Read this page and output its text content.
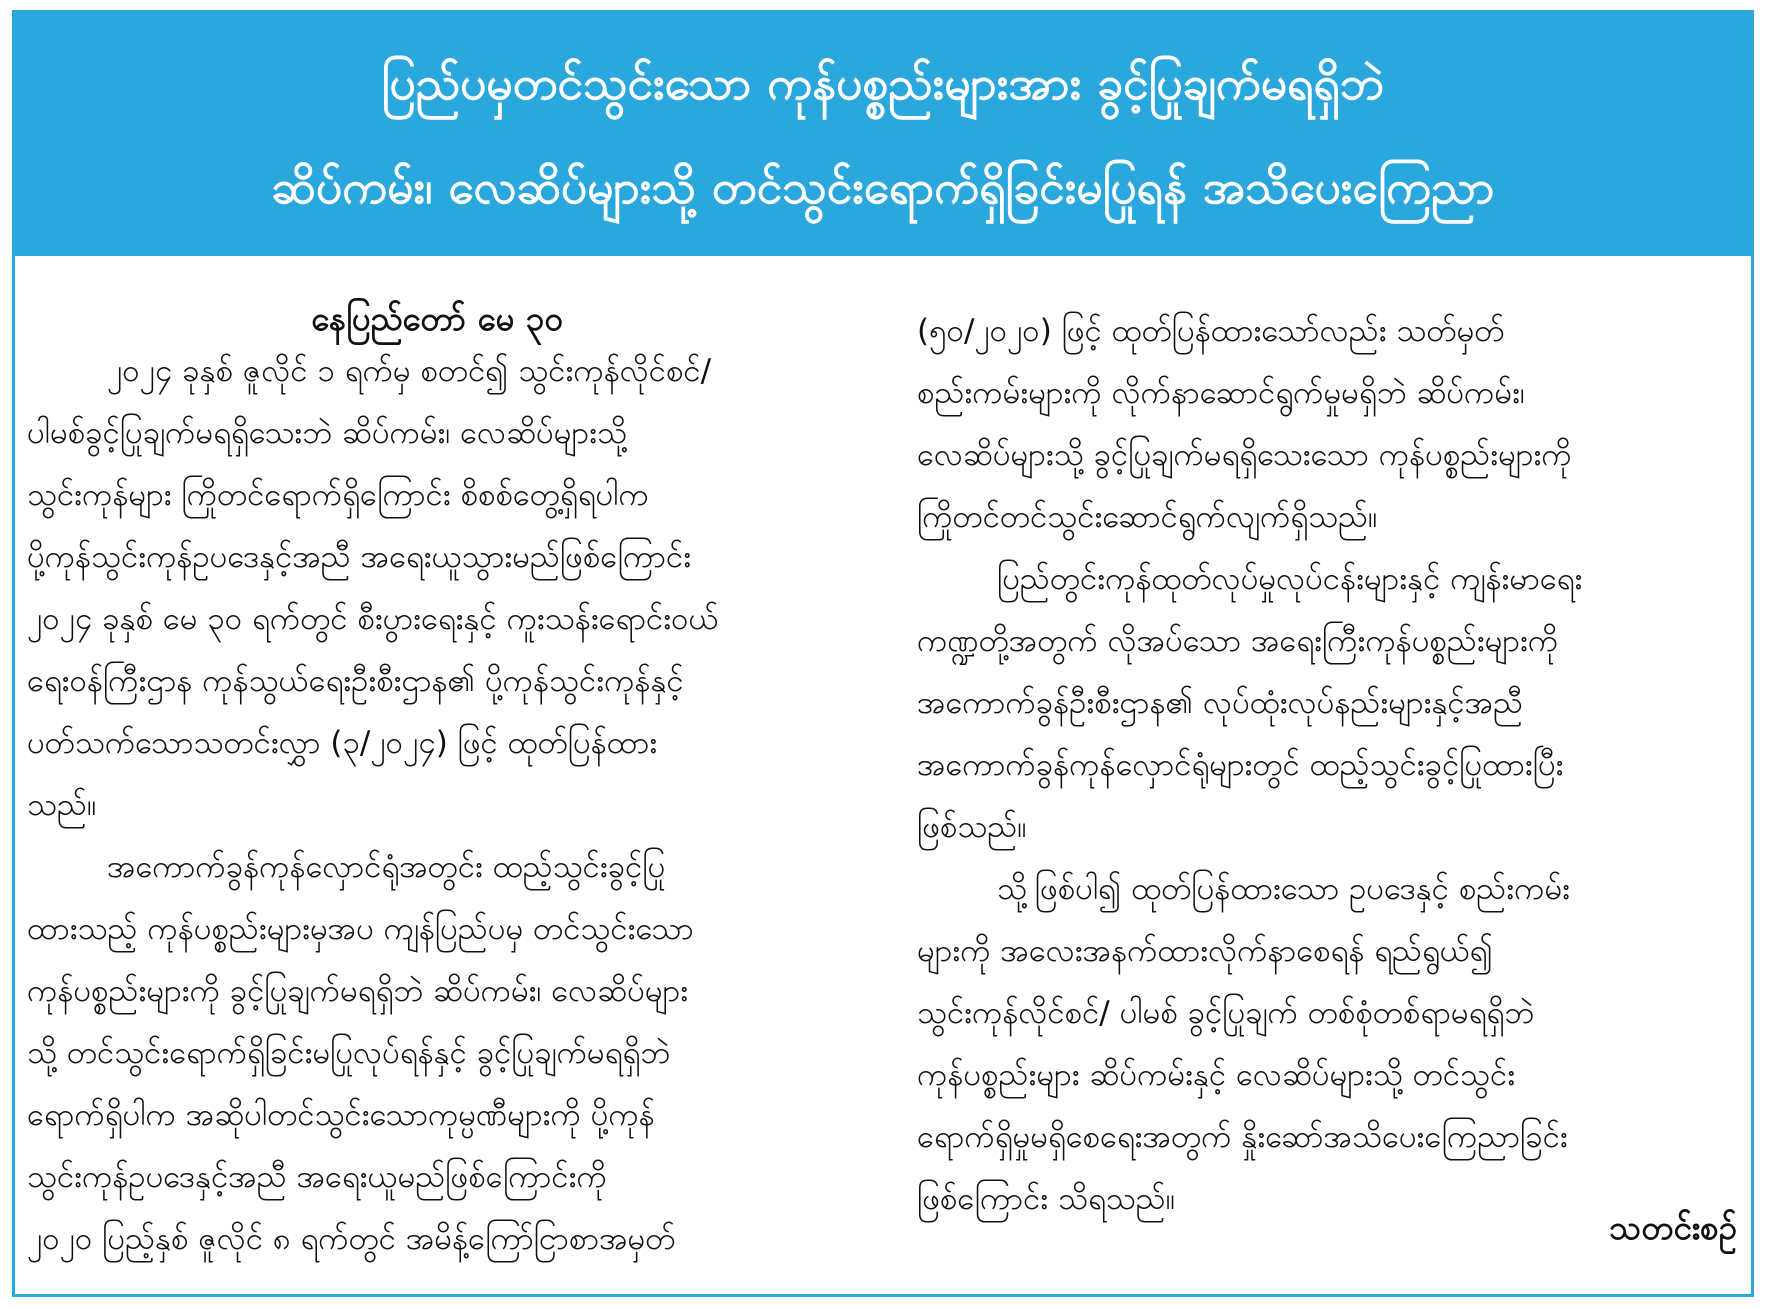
ပြည်ပမှတင်သွင်းသော ကုန်ပစ္စည်းများအား ခွင့်ပြုချက်မရရှိဘဲ
ဆိပ်ကမ်း၊ လေဆိပ်များသို့ တင်သွင်းရောက်ရှိခြင်းမပြုရန် အသိပေးကြေညာ
နေပြည်တော် မေ ၃၀
၂၀၂၄ ခုနှစ် ဇူလိုင် ၁ ရက်မှ စတင်၍ သွင်းကုန်လိုင်စင်/
ပါမစ်ခွင့်ပြုချက်မရရှိသေးဘဲ ဆိပ်ကမ်း၊ လေဆိပ်များသို့
သွင်းကုန်များ ကြိုတင်ရောက်ရှိကြောင်း စိစစ်တွေ့ရှိရပါက
ပို့ကုန်သွင်းကုန်ဥပဒေနှင့်အညီ အရေးယူသွားမည်ဖြစ်ကြောင်း
၂၀၂၄ ခုနှစ် မေ ၃၀ ရက်တွင် စီးပွားရေးနှင့် ကူးသန်းရောင်းဝယ်
ရေးဝန်ကြီးဌာန ကုန်သွယ်ရေးဦးစီးဌာန၏ ပို့ကုန်သွင်းကုန်နှင့်
ပတ်သက်သောသတင်းလွှာ (၃/၂၀၂၄) ဖြင့် ထုတ်ပြန်ထား
သည်။
အကောက်ခွန်ကုန်လှောင်ရုံအတွင်း ထည့်သွင်းခွင့်ပြု
ထားသည့် ကုန်ပစ္စည်းများမှအပ ကျန်ပြည်ပမှ တင်သွင်းသော
ကုန်ပစ္စည်းများကို ခွင့်ပြုချက်မရရှိဘဲ ဆိပ်ကမ်း၊ လေဆိပ်များ
သို့ တင်သွင်းရောက်ရှိခြင်းမပြုလုပ်ရန်နှင့် ခွင့်ပြုချက်မရရှိဘဲ
ရောက်ရှိပါက အဆိုပါတင်သွင်းသောကုမ္ပဏီများကို ပို့ကုန်
သွင်းကုန်ဥပဒေနှင့်အညီ အရေးယူမည်ဖြစ်ကြောင်းကို
၂၀၂၀ ပြည့်နှစ် ဇူလိုင် ၈ ရက်တွင် အမိန့်ကြော်ငြာစာအမှတ်
(၅၀/၂၀၂၀) ဖြင့် ထုတ်ပြန်ထားသော်လည်း သတ်မှတ်
စည်းကမ်းများကို လိုက်နာဆောင်ရွက်မှုမရှိဘဲ ဆိပ်ကမ်း၊
လေဆိပ်များသို့ ခွင့်ပြုချက်မရရှိသေးသော ကုန်ပစ္စည်းများကို
ကြိုတင်တင်သွင်းဆောင်ရွက်လျက်ရှိသည်။
ပြည်တွင်းကုန်ထုတ်လုပ်မှုလုပ်ငန်းများနှင့် ကျန်းမာရေး
ကဏ္ဍတို့အတွက် လိုအပ်သော အရေးကြီးကုန်ပစ္စည်းများကို
အကောက်ခွန်ဦးစီးဌာန၏ လုပ်ထုံးလုပ်နည်းများနှင့်အညီ
အကောက်ခွန်ကုန်လှောင်ရုံများတွင် ထည့်သွင်းခွင့်ပြုထားပြီး
ဖြစ်သည်။
သို့ဖြစ်ပါ၍ ထုတ်ပြန်ထားသော ဥပဒေနှင့် စည်းကမ်း
များကို အလေးအနက်ထားလိုက်နာစေရန် ရည်ရွယ်၍
သွင်းကုန်လိုင်စင်/ ပါမစ် ခွင့်ပြုချက် တစ်စုံတစ်ရာမရရှိဘဲ
ကုန်ပစ္စည်းများ ဆိပ်ကမ်းနှင့် လေဆိပ်များသို့ တင်သွင်း
ရောက်ရှိမှုမရှိစေရေးအတွက် နှိုးဆော်အသိပေးကြေညာခြင်း
ဖြစ်ကြောင်း သိရသည်။
သတင်းစဉ်
